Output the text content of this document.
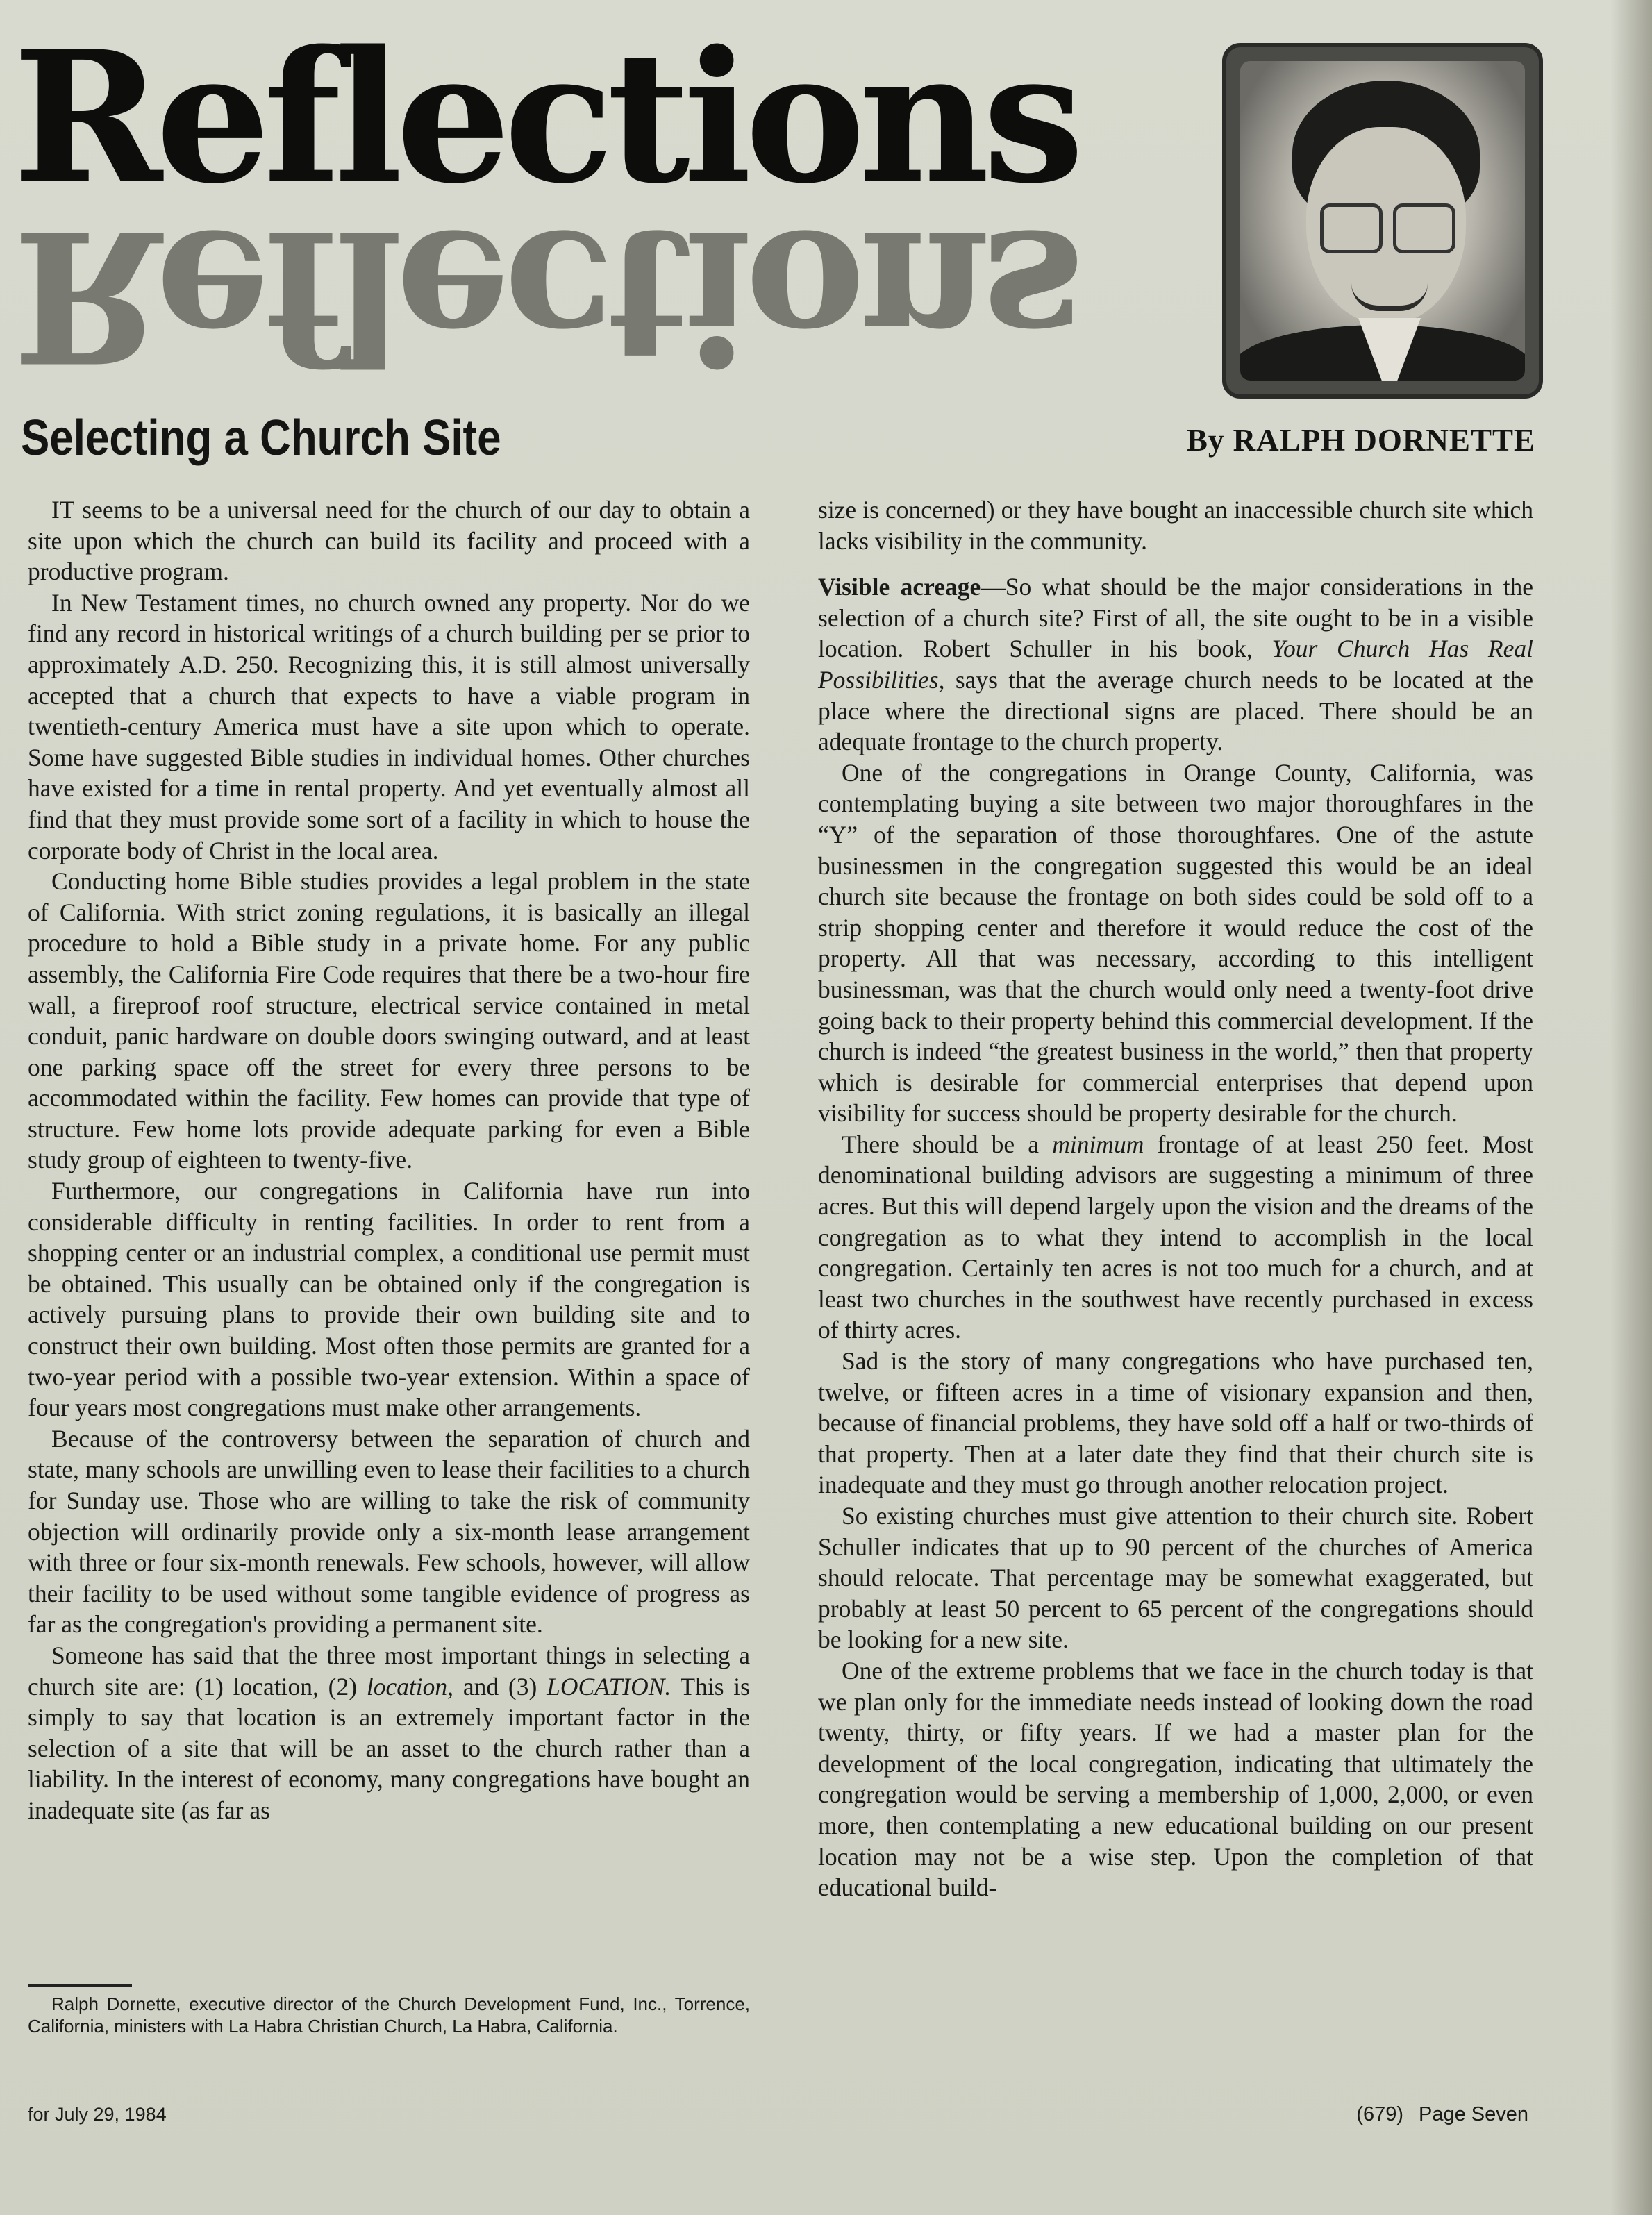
Reflections
Reflections
Selecting a Church Site	By RALPH DORNETTE

IT seems to be a universal need for the church of our day to obtain a site upon which the church can build its facility and proceed with a productive program.

In New Testament times, no church owned any property. Nor do we find any record in historical writings of a church building per se prior to approximately A.D. 250. Recognizing this, it is still almost universally accepted that a church that expects to have a viable program in twentieth-century America must have a site upon which to operate. Some have suggested Bible studies in individual homes. Other churches have existed for a time in rental property. And yet eventually almost all find that they must provide some sort of a facility in which to house the corporate body of Christ in the local area.

Conducting home Bible studies provides a legal problem in the state of California. With strict zoning regulations, it is basically an illegal procedure to hold a Bible study in a private home. For any public assembly, the California Fire Code requires that there be a two-hour fire wall, a fireproof roof structure, electrical service contained in metal conduit, panic hardware on double doors swinging outward, and at least one parking space off the street for every three persons to be accommodated within the facility. Few homes can provide that type of structure. Few home lots provide adequate parking for even a Bible study group of eighteen to twenty-five.

Furthermore, our congregations in California have run into considerable difficulty in renting facilities. In order to rent from a shopping center or an industrial complex, a conditional use permit must be obtained. This usually can be obtained only if the congregation is actively pursuing plans to provide their own building site and to construct their own building. Most often those permits are granted for a two-year period with a possible two-year extension. Within a space of four years most congregations must make other arrangements.

Because of the controversy between the separation of church and state, many schools are unwilling even to lease their facilities to a church for Sunday use. Those who are willing to take the risk of community objection will ordinarily provide only a six-month lease arrangement with three or four six-month renewals. Few schools, however, will allow their facility to be used without some tangible evidence of progress as far as the congregation's providing a permanent site.

Someone has said that the three most important things in selecting a church site are: (1) location, (2) location, and (3) LOCATION. This is simply to say that location is an extremely important factor in the selection of a site that will be an asset to the church rather than a liability. In the interest of economy, many congregations have bought an inadequate site (as far as

Ralph Dornette, executive director of the Church Development Fund, Inc., Torrence, California, ministers with La Habra Christian Church, La Habra, California.

size is concerned) or they have bought an inaccessible church site which lacks visibility in the community.

Visible acreage—So what should be the major considerations in the selection of a church site? First of all, the site ought to be in a visible location. Robert Schuller in his book, Your Church Has Real Possibilities, says that the average church needs to be located at the place where the directional signs are placed. There should be an adequate frontage to the church property.

One of the congregations in Orange County, California, was contemplating buying a site between two major thoroughfares in the “Y” of the separation of those thoroughfares. One of the astute businessmen in the congregation suggested this would be an ideal church site because the frontage on both sides could be sold off to a strip shopping center and therefore it would reduce the cost of the property. All that was necessary, according to this intelligent businessman, was that the church would only need a twenty-foot drive going back to their property behind this commercial development. If the church is indeed “the greatest business in the world,” then that property which is desirable for commercial enterprises that depend upon visibility for success should be property desirable for the church.

There should be a minimum frontage of at least 250 feet. Most denominational building advisors are suggesting a minimum of three acres. But this will depend largely upon the vision and the dreams of the congregation as to what they intend to accomplish in the local congregation. Certainly ten acres is not too much for a church, and at least two churches in the southwest have recently purchased in excess of thirty acres.

Sad is the story of many congregations who have purchased ten, twelve, or fifteen acres in a time of visionary expansion and then, because of financial problems, they have sold off a half or two-thirds of that property. Then at a later date they find that their church site is inadequate and they must go through another relocation project.

So existing churches must give attention to their church site. Robert Schuller indicates that up to 90 percent of the churches of America should relocate. That percentage may be somewhat exaggerated, but probably at least 50 percent to 65 percent of the congregations should be looking for a new site.

One of the extreme problems that we face in the church today is that we plan only for the immediate needs instead of looking down the road twenty, thirty, or fifty years. If we had a master plan for the development of the local congregation, indicating that ultimately the congregation would be serving a membership of 1,000, 2,000, or even more, then contemplating a new educational building on our present location may not be a wise step. Upon the completion of that educational build-

for July 29, 1984	(679) Page Seven
